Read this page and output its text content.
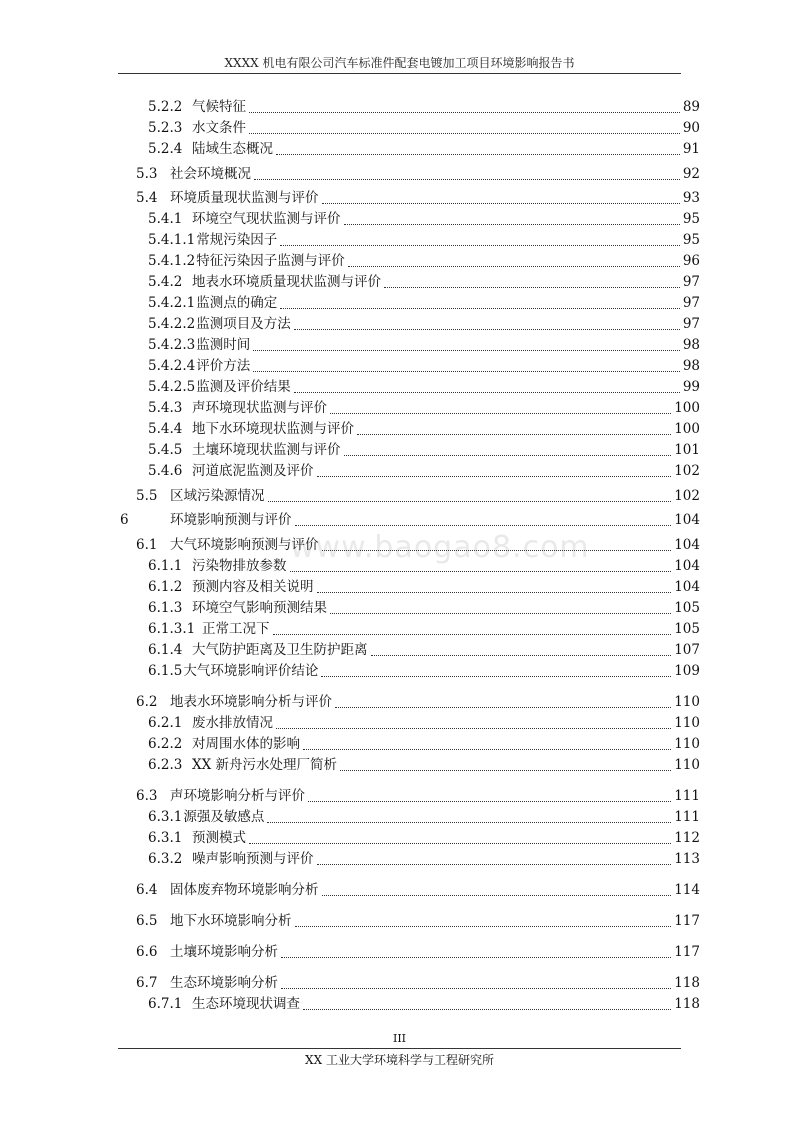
XXXX 机电有限公司汽车标准件配套电镀加工项目环境影响报告书
5.2.2 气候特征	89
5.2.3 水文条件	90
5.2.4 陆域生态概况	91
5.3 社会环境概况	92
5.4 环境质量现状监测与评价	93
5.4.1 环境空气现状监测与评价	95
5.4.1.1 常规污染因子	95
5.4.1.2 特征污染因子监测与评价	96
5.4.2 地表水环境质量现状监测与评价	97
5.4.2.1 监测点的确定	97
5.4.2.2 监测项目及方法	97
5.4.2.3 监测时间	98
5.4.2.4 评价方法	98
5.4.2.5 监测及评价结果	99
5.4.3 声环境现状监测与评价	100
5.4.4 地下水环境现状监测与评价	100
5.4.5 土壤环境现状监测与评价	101
5.4.6 河道底泥监测及评价	102
5.5 区域污染源情况	102
6	环境影响预测与评价	104
6.1 大气环境影响预测与评价	104
6.1.1 污染物排放参数	104
6.1.2 预测内容及相关说明	104
6.1.3 环境空气影响预测结果	105
6.1.3.1 正常工况下	105
6.1.4 大气防护距离及卫生防护距离	107
6.1.5 大气环境影响评价结论	109
6.2 地表水环境影响分析与评价	110
6.2.1 废水排放情况	110
6.2.2 对周围水体的影响	110
6.2.3 XX 新舟污水处理厂简析	110
6.3 声环境影响分析与评价	111
6.3.1 源强及敏感点	111
6.3.1 预测模式	112
6.3.2 噪声影响预测与评价	113
6.4 固体废弃物环境影响分析	114
6.5 地下水环境影响分析	117
6.6 土壤环境影响分析	117
6.7 生态环境影响分析	118
6.7.1 生态环境现状调查	118
www.baogao8.com
III
XX 工业大学环境科学与工程研究所
